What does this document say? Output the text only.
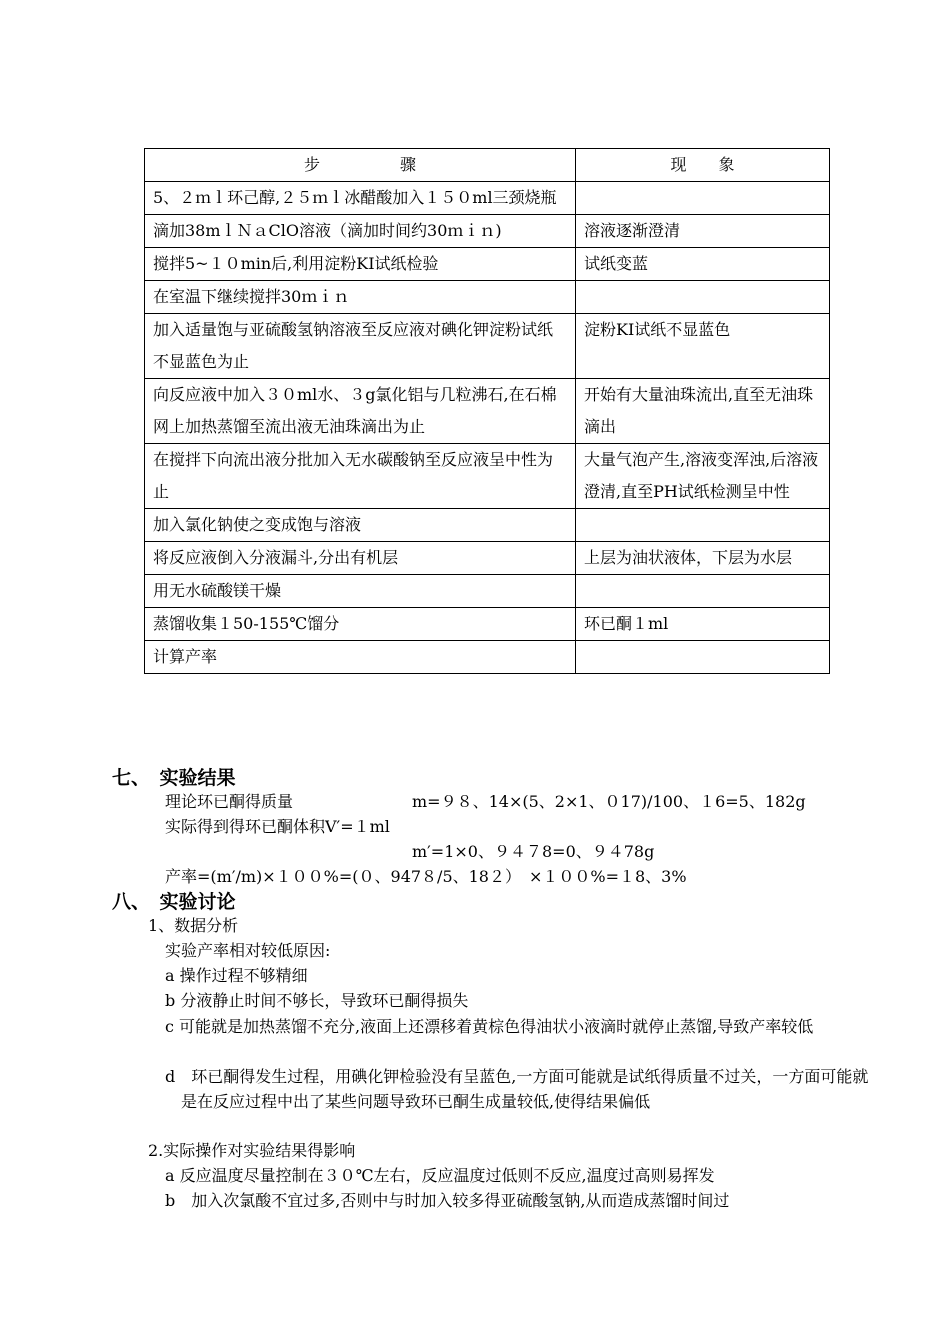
步　　　　　骤	现　　象
5、２ｍｌ环己醇,２５ｍｌ冰醋酸加入１５０ml三颈烧瓶	
滴加38mｌＮａClO溶液（滴加时间约30ｍｉｎ)	溶液逐渐澄清
搅拌5~１０min后,利用淀粉KI试纸检验	试纸变蓝
在室温下继续搅拌30ｍｉｎ	
加入适量饱与亚硫酸氢钠溶液至反应液对碘化钾淀粉试纸不显蓝色为止	淀粉KI试纸不显蓝色
向反应液中加入３０ml水、３g氯化铝与几粒沸石,在石棉网上加热蒸馏至流出液无油珠滴出为止	开始有大量油珠流出,直至无油珠滴出
在搅拌下向流出液分批加入无水碳酸钠至反应液呈中性为止	大量气泡产生,溶液变浑浊,后溶液澄清,直至PH试纸检测呈中性
加入氯化钠使之变成饱与溶液	
将反应液倒入分液漏斗,分出有机层	上层为油状液体，下层为水层
用无水硫酸镁干燥	
蒸馏收集１50-155℃馏分	环已酮１ml
计算产率	
七、　实验结果
理论环已酮得质量	m=９８、14×(5、2×1、０17)/100、１6=5、182g
实际得到得环已酮体积V′=１ml
m′=1×0、９４７8=0、９４78g
产率=(m′/m)×１００%=(０、947８/5、18２）　×１００%=１8、3%
八、　实验讨论
1、数据分析
实验产率相对较低原因:
a 操作过程不够精细
b 分液静止时间不够长，导致环已酮得损失
c 可能就是加热蒸馏不充分,液面上还漂移着黄棕色得油状小液滴时就停止蒸馏,导致产率较低
d　环已酮得发生过程，用碘化钾检验没有呈蓝色,一方面可能就是试纸得质量不过关，一方面可能就是在反应过程中出了某些问题导致环已酮生成量较低,使得结果偏低
2.实际操作对实验结果得影响
a 反应温度尽量控制在３０℃左右，反应温度过低则不反应,温度过高则易挥发
b　加入次氯酸不宜过多,否则中与时加入较多得亚硫酸氢钠,从而造成蒸馏时间过
